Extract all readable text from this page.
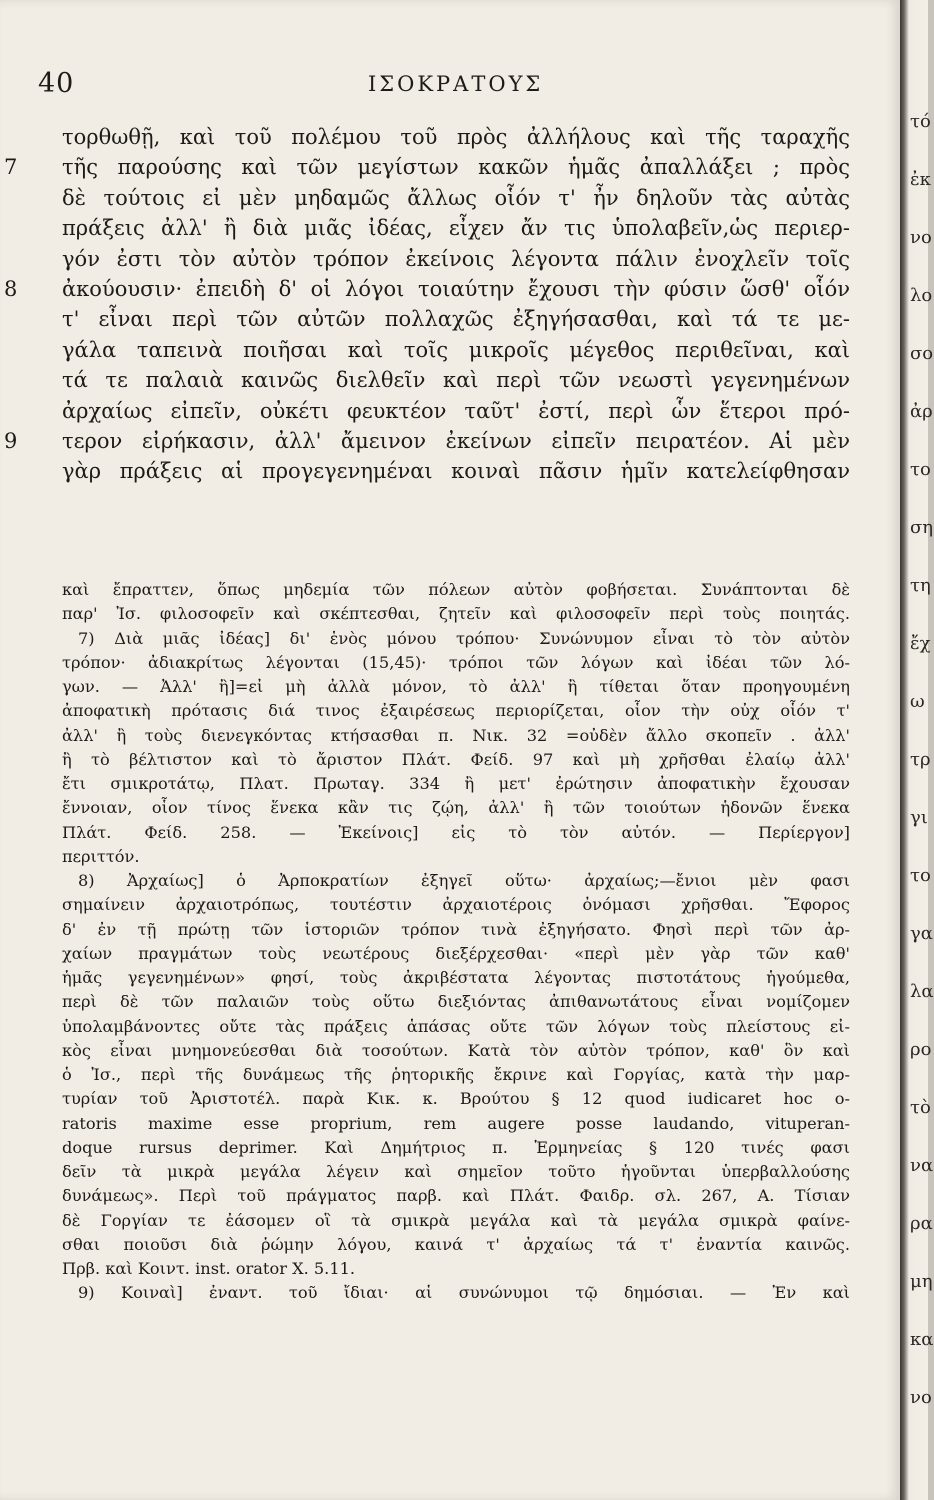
40	ΙΣΟΚΡΑΤΟΥΣ
τορθωθῇ, καὶ τοῦ πολέμου τοῦ πρὸς ἀλλήλους καὶ τῆς ταραχῆς
τῆς παρούσης καὶ τῶν μεγίστων κακῶν ἡμᾶς ἀπαλλάξει ; πρὸς
7
δὲ τούτοις εἰ μὲν μηδαμῶς ἄλλως οἷόν τ' ἦν δηλοῦν τὰς αὐτὰς
πράξεις ἀλλ' ἢ διὰ μιᾶς ἰδέας, εἶχεν ἄν τις ὑπολαβεῖν,ὡς περιερ-
γόν ἐστι τὸν αὐτὸν τρόπον ἐκείνοις λέγοντα πάλιν ἐνοχλεῖν τοῖς
ἀκούουσιν· ἐπειδὴ δ' οἱ λόγοι τοιαύτην ἔχουσι τὴν φύσιν ὥσθ' οἷόν
8
τ' εἶναι περὶ τῶν αὐτῶν πολλαχῶς ἐξηγήσασθαι, καὶ τά τε με-
γάλα ταπεινὰ ποιῆσαι καὶ τοῖς μικροῖς μέγεθος περιθεῖναι, καὶ
τά τε παλαιὰ καινῶς διελθεῖν καὶ περὶ τῶν νεωστὶ γεγενημένων
ἀρχαίως εἰπεῖν, οὐκέτι φευκτέον ταῦτ' ἐστί, περὶ ὧν ἕτεροι πρό-
τερον εἰρήκασιν, ἀλλ' ἄμεινον ἐκείνων εἰπεῖν πειρατέον. Αἱ μὲν
9
γὰρ πράξεις αἱ προγεγενημέναι κοιναὶ πᾶσιν ἡμῖν κατελείφθησαν
καὶ ἔπραττεν, ὅπως μηδεμία τῶν πόλεων αὐτὸν φοβήσεται. Συνάπτονται δὲ
παρ' Ἰσ. φιλοσοφεῖν καὶ σκέπτεσθαι, ζητεῖν καὶ φιλοσοφεῖν περὶ τοὺς ποιητάς.
7) Διὰ μιᾶς ἰδέας] δι' ἑνὸς μόνου τρόπου· Συνώνυμον εἶναι τὸ τὸν αὐτὸν
τρόπον· ἀδιακρίτως λέγονται (15,45)· τρόποι τῶν λόγων καὶ ἰδέαι τῶν λό-
γων. — Ἀλλ' ἢ]=εἰ μὴ ἀλλὰ μόνον, τὸ ἀλλ' ἢ τίθεται ὅταν προηγουμένη
ἀποφατικὴ πρότασις διά τινος ἐξαιρέσεως περιορίζεται, οἷον τὴν οὐχ οἷόν τ'
ἀλλ' ἢ τοὺς διενεγκόντας κτήσασθαι π. Νικ. 32 =οὐδὲν ἄλλο σκοπεῖν . ἀλλ'
ἢ τὸ βέλτιστον καὶ τὸ ἄριστον Πλάτ. Φείδ. 97 καὶ μὴ χρῆσθαι ἐλαίῳ ἀλλ'
ἔτι σμικροτάτῳ, Πλατ. Πρωταγ. 334 ἢ μετ' ἐρώτησιν ἀποφατικὴν ἔχουσαν
ἔννοιαν, οἷον τίνος ἕνεκα κἂν τις ζῴη, ἀλλ' ἢ τῶν τοιούτων ἡδονῶν ἕνεκα
Πλάτ. Φείδ. 258. — Ἐκείνοις] εἰς τὸ τὸν αὐτόν. — Περίεργον]
περιττόν.
8) Ἀρχαίως] ὁ Ἀρποκρατίων ἐξηγεῖ οὕτω· ἀρχαίως;—ἔνιοι μὲν φασι
σημαίνειν ἀρχαιοτρόπως, τουτέστιν ἀρχαιοτέροις ὀνόμασι χρῆσθαι. Ἔφορος
δ' ἐν τῇ πρώτῃ τῶν ἱστοριῶν τρόπον τινὰ ἐξηγήσατο. Φησὶ περὶ τῶν ἀρ-
χαίων πραγμάτων τοὺς νεωτέρους διεξέρχεσθαι· «περὶ μὲν γὰρ τῶν καθ'
ἡμᾶς γεγενημένων» φησί, τοὺς ἀκριβέστατα λέγοντας πιστοτάτους ἡγούμεθα,
περὶ δὲ τῶν παλαιῶν τοὺς οὕτω διεξιόντας ἀπιθανωτάτους εἶναι νομίζομεν
ὑπολαμβάνοντες οὔτε τὰς πράξεις ἁπάσας οὔτε τῶν λόγων τοὺς πλείστους εἰ-
κὸς εἶναι μνημονεύεσθαι διὰ τοσούτων. Κατὰ τὸν αὐτὸν τρόπον, καθ' ὃν καὶ
ὁ Ἰσ., περὶ τῆς δυνάμεως τῆς ῥητορικῆς ἔκρινε καὶ Γοργίας, κατὰ τὴν μαρ-
τυρίαν τοῦ Ἀριστοτέλ. παρὰ Κικ. κ. Βρούτου § 12 quod iudicaret hoc o-
ratoris maxime esse proprium, rem augere posse laudando, vituperan-
doque rursus deprimer. Καὶ Δημήτριος π. Ἑρμηνείας § 120 τινές φασι
δεῖν τὰ μικρὰ μεγάλα λέγειν καὶ σημεῖον τοῦτο ἡγοῦνται ὑπερβαλλούσης
δυνάμεως». Περὶ τοῦ πράγματος παρβ. καὶ Πλάτ. Φαιδρ. σλ. 267, Α. Τίσιαν
δὲ Γοργίαν τε ἐάσομεν οἳ τὰ σμικρὰ μεγάλα καὶ τὰ μεγάλα σμικρὰ φαίνε-
σθαι ποιοῦσι διὰ ῥώμην λόγου, καινά τ' ἀρχαίως τά τ' ἐναντία καινῶς.
Πρβ. καὶ Κοιντ. inst. orator X. 5.11.
9) Κοιναὶ] ἐναντ. τοῦ ἴδιαι· αἱ συνώνυμοι τῷ δημόσιαι. — Ἐν καὶ
τό
ἐκ
νο
λο
σο
ἀρ
το
ση
τη
ἔχ
ω
τρ
γι
το
γα
λα
ρο
τὸ
να
ρα
μη
κα
νο
